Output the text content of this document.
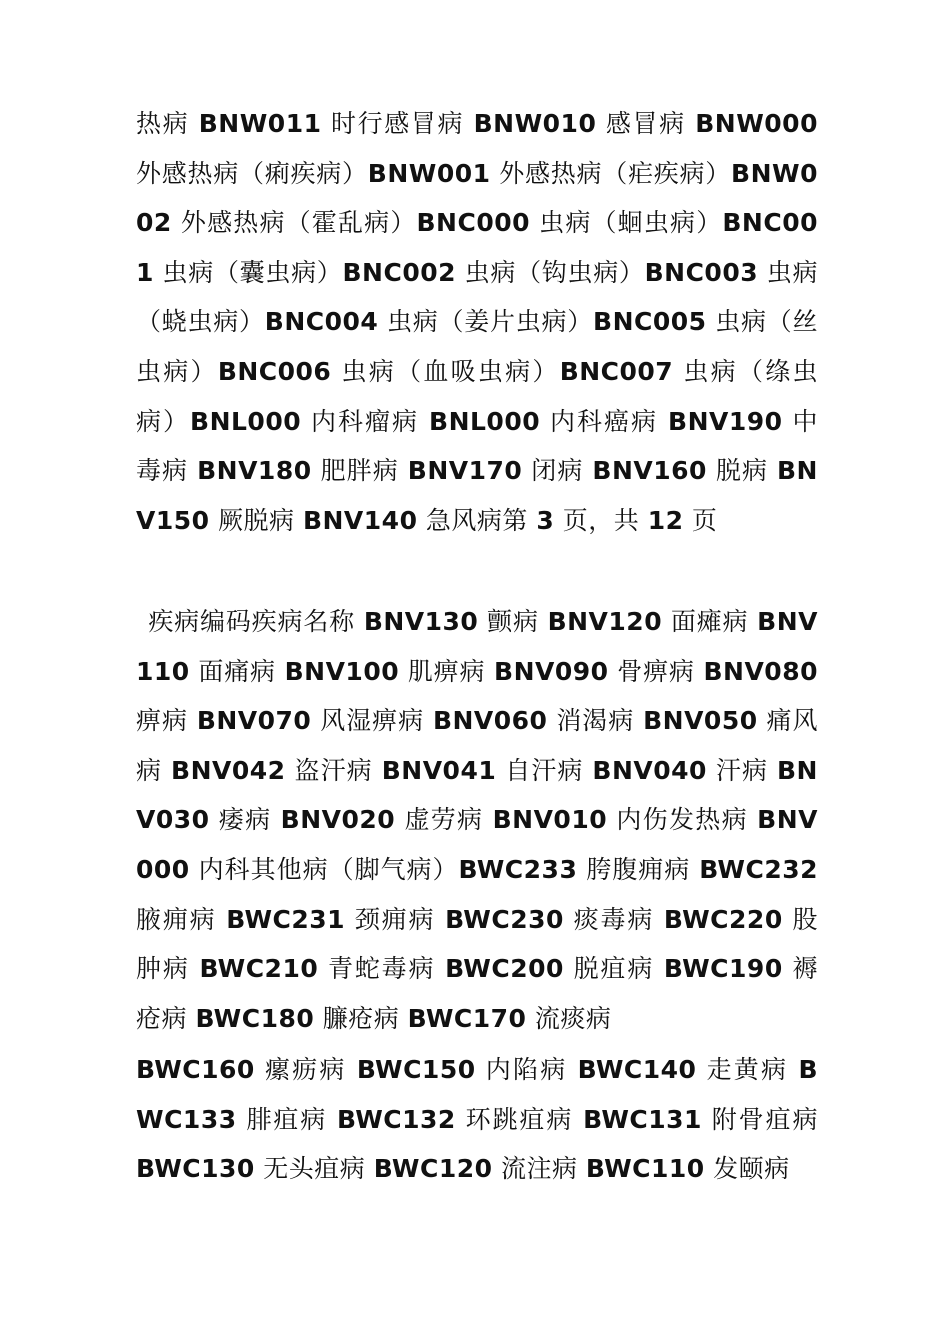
热病 BNW011 时行感冒病 BNW010 感冒病 BNW000 外感热病（痢疾病）BNW001 外感热病（疟疾病）BNW002 外感热病（霍乱病）BNC000 虫病（蛔虫病）BNC001 虫病（囊虫病）BNC002 虫病（钩虫病）BNC003 虫病（蛲虫病）BNC004 虫病（姜片虫病）BNC005 虫病（丝虫病）BNC006 虫病（血吸虫病）BNC007 虫病（绦虫病）BNL000 内科瘤病 BNL000 内科癌病 BNV190 中毒病 BNV180 肥胖病 BNV170 闭病 BNV160 脱病 BNV150 厥脱病 BNV140 急风病第 3 页，共 12 页
疾病编码疾病名称 BNV130 颤病 BNV120 面瘫病 BNV110 面痛病 BNV100 肌痹病 BNV090 骨痹病 BNV080 痹病 BNV070 风湿痹病 BNV060 消渴病 BNV050 痛风病 BNV042 盗汗病 BNV041 自汗病 BNV040 汗病 BNV030 痿病 BNV020 虚劳病 BNV010 内伤发热病 BNV000 内科其他病（脚气病）BWC233 胯腹痈病 BWC232 腋痈病 BWC231 颈痈病 BWC230 痰毒病 BWC220 股肿病 BWC210 青蛇毒病 BWC200 脱疽病 BWC190 褥疮病 BWC180 臁疮病 BWC170 流痰病
BWC160 瘰疬病 BWC150 内陷病 BWC140 走黄病 BWC133 腓疽病 BWC132 环跳疽病 BWC131 附骨疽病 BWC130 无头疽病 BWC120 流注病 BWC110 发颐病
